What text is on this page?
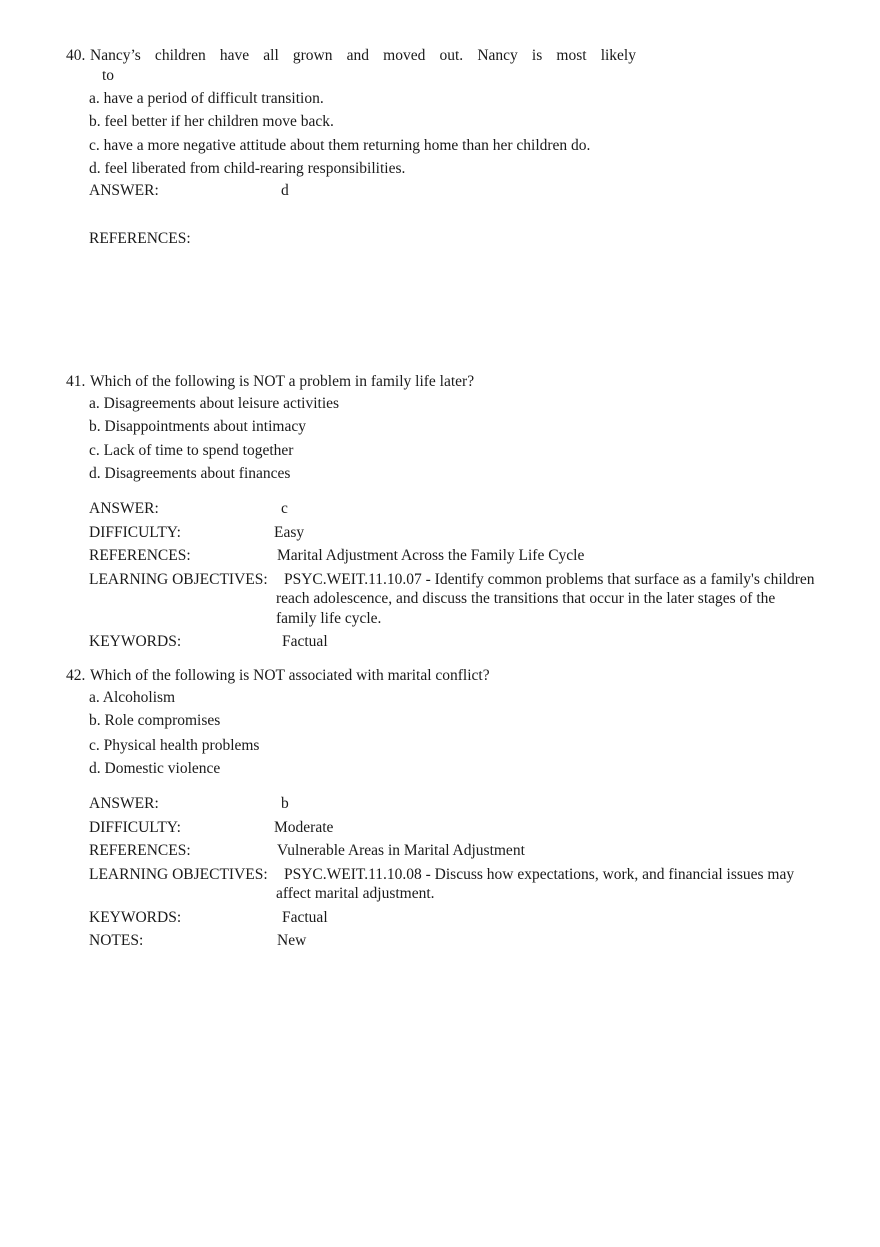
40. Nancy’s children have all grown and moved out. Nancy is most likely
to
a. have a period of difficult transition.
b. feel better if her children move back.
c. have a more negative attitude about them returning home than her children do.
d. feel liberated from child-rearing responsibilities.
ANSWER:	d
REFERENCES:
41. Which of the following is NOT a problem in family life later?
a. Disagreements about leisure activities
b. Disappointments about intimacy
c. Lack of time to spend together
d. Disagreements about finances
ANSWER:	c
DIFFICULTY:	Easy
REFERENCES:	Marital Adjustment Across the Family Life Cycle
LEARNING OBJECTIVES: PSYC.WEIT.11.10.07 - Identify common problems that surface as a family's children
reach adolescence, and discuss the transitions that occur in the later stages of the
family life cycle.
KEYWORDS:	Factual
42. Which of the following is NOT associated with marital conflict?
a. Alcoholism
b. Role compromises
c. Physical health problems
d. Domestic violence
ANSWER:	b
DIFFICULTY:	Moderate
REFERENCES:	Vulnerable Areas in Marital Adjustment
LEARNING OBJECTIVES: PSYC.WEIT.11.10.08 - Discuss how expectations, work, and financial issues may
affect marital adjustment.
KEYWORDS:	Factual
NOTES:	New
